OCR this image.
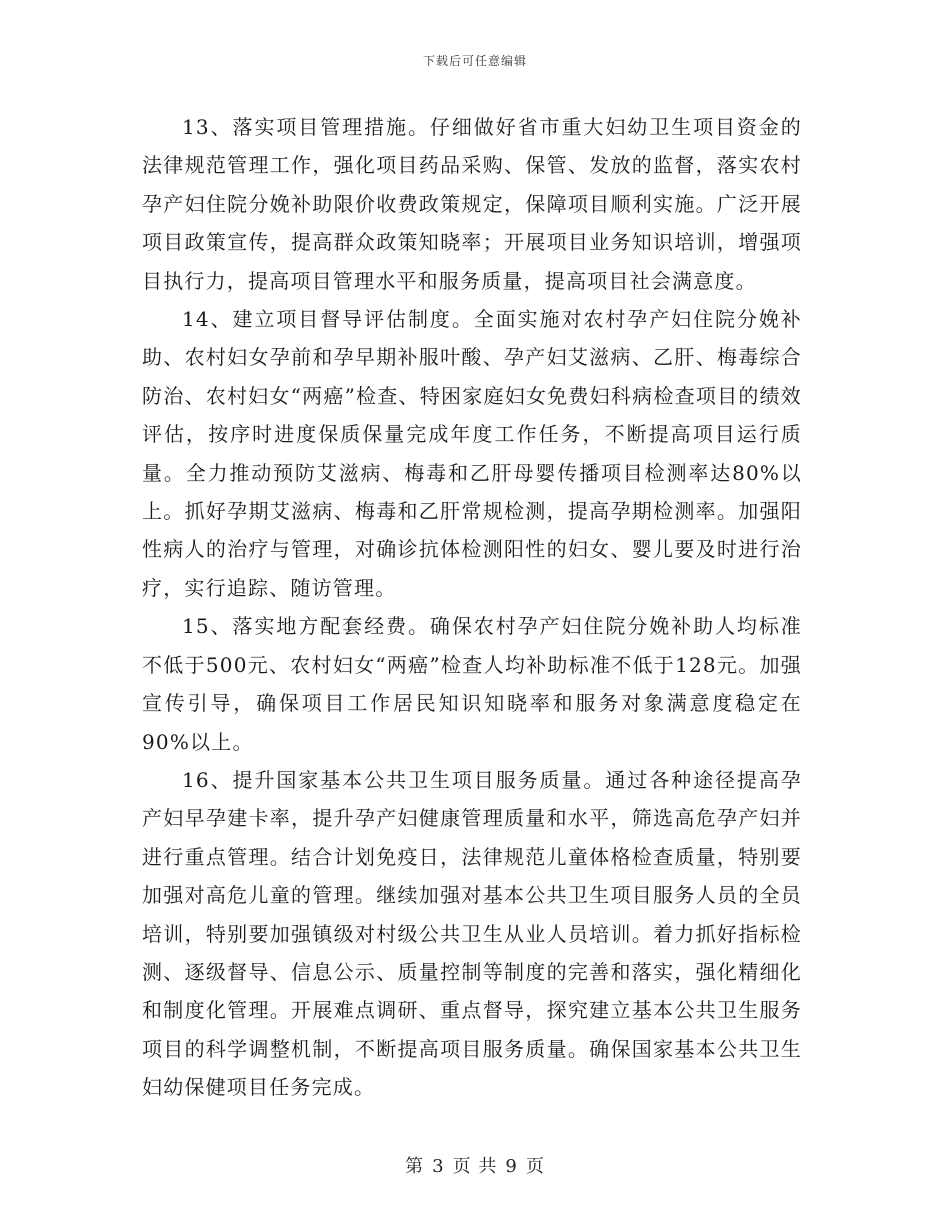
下载后可任意编辑

13、落实项目管理措施。仔细做好省市重大妇幼卫生项目资金的法律规范管理工作，强化项目药品采购、保管、发放的监督，落实农村孕产妇住院分娩补助限价收费政策规定，保障项目顺利实施。广泛开展项目政策宣传，提高群众政策知晓率；开展项目业务知识培训，增强项目执行力，提高项目管理水平和服务质量，提高项目社会满意度。

14、建立项目督导评估制度。全面实施对农村孕产妇住院分娩补助、农村妇女孕前和孕早期补服叶酸、孕产妇艾滋病、乙肝、梅毒综合防治、农村妇女“两癌”检查、特困家庭妇女免费妇科病检查项目的绩效评估，按序时进度保质保量完成年度工作任务，不断提高项目运行质量。全力推动预防艾滋病、梅毒和乙肝母婴传播项目检测率达80%以上。抓好孕期艾滋病、梅毒和乙肝常规检测，提高孕期检测率。加强阳性病人的治疗与管理，对确诊抗体检测阳性的妇女、婴儿要及时进行治疗，实行追踪、随访管理。

15、落实地方配套经费。确保农村孕产妇住院分娩补助人均标准不低于500元、农村妇女“两癌”检查人均补助标准不低于128元。加强宣传引导，确保项目工作居民知识知晓率和服务对象满意度稳定在90%以上。

16、提升国家基本公共卫生项目服务质量。通过各种途径提高孕产妇早孕建卡率，提升孕产妇健康管理质量和水平，筛选高危孕产妇并进行重点管理。结合计划免疫日，法律规范儿童体格检查质量，特别要加强对高危儿童的管理。继续加强对基本公共卫生项目服务人员的全员培训，特别要加强镇级对村级公共卫生从业人员培训。着力抓好指标检测、逐级督导、信息公示、质量控制等制度的完善和落实，强化精细化和制度化管理。开展难点调研、重点督导，探究建立基本公共卫生服务项目的科学调整机制，不断提高项目服务质量。确保国家基本公共卫生妇幼保健项目任务完成。

第 3 页 共 9 页
